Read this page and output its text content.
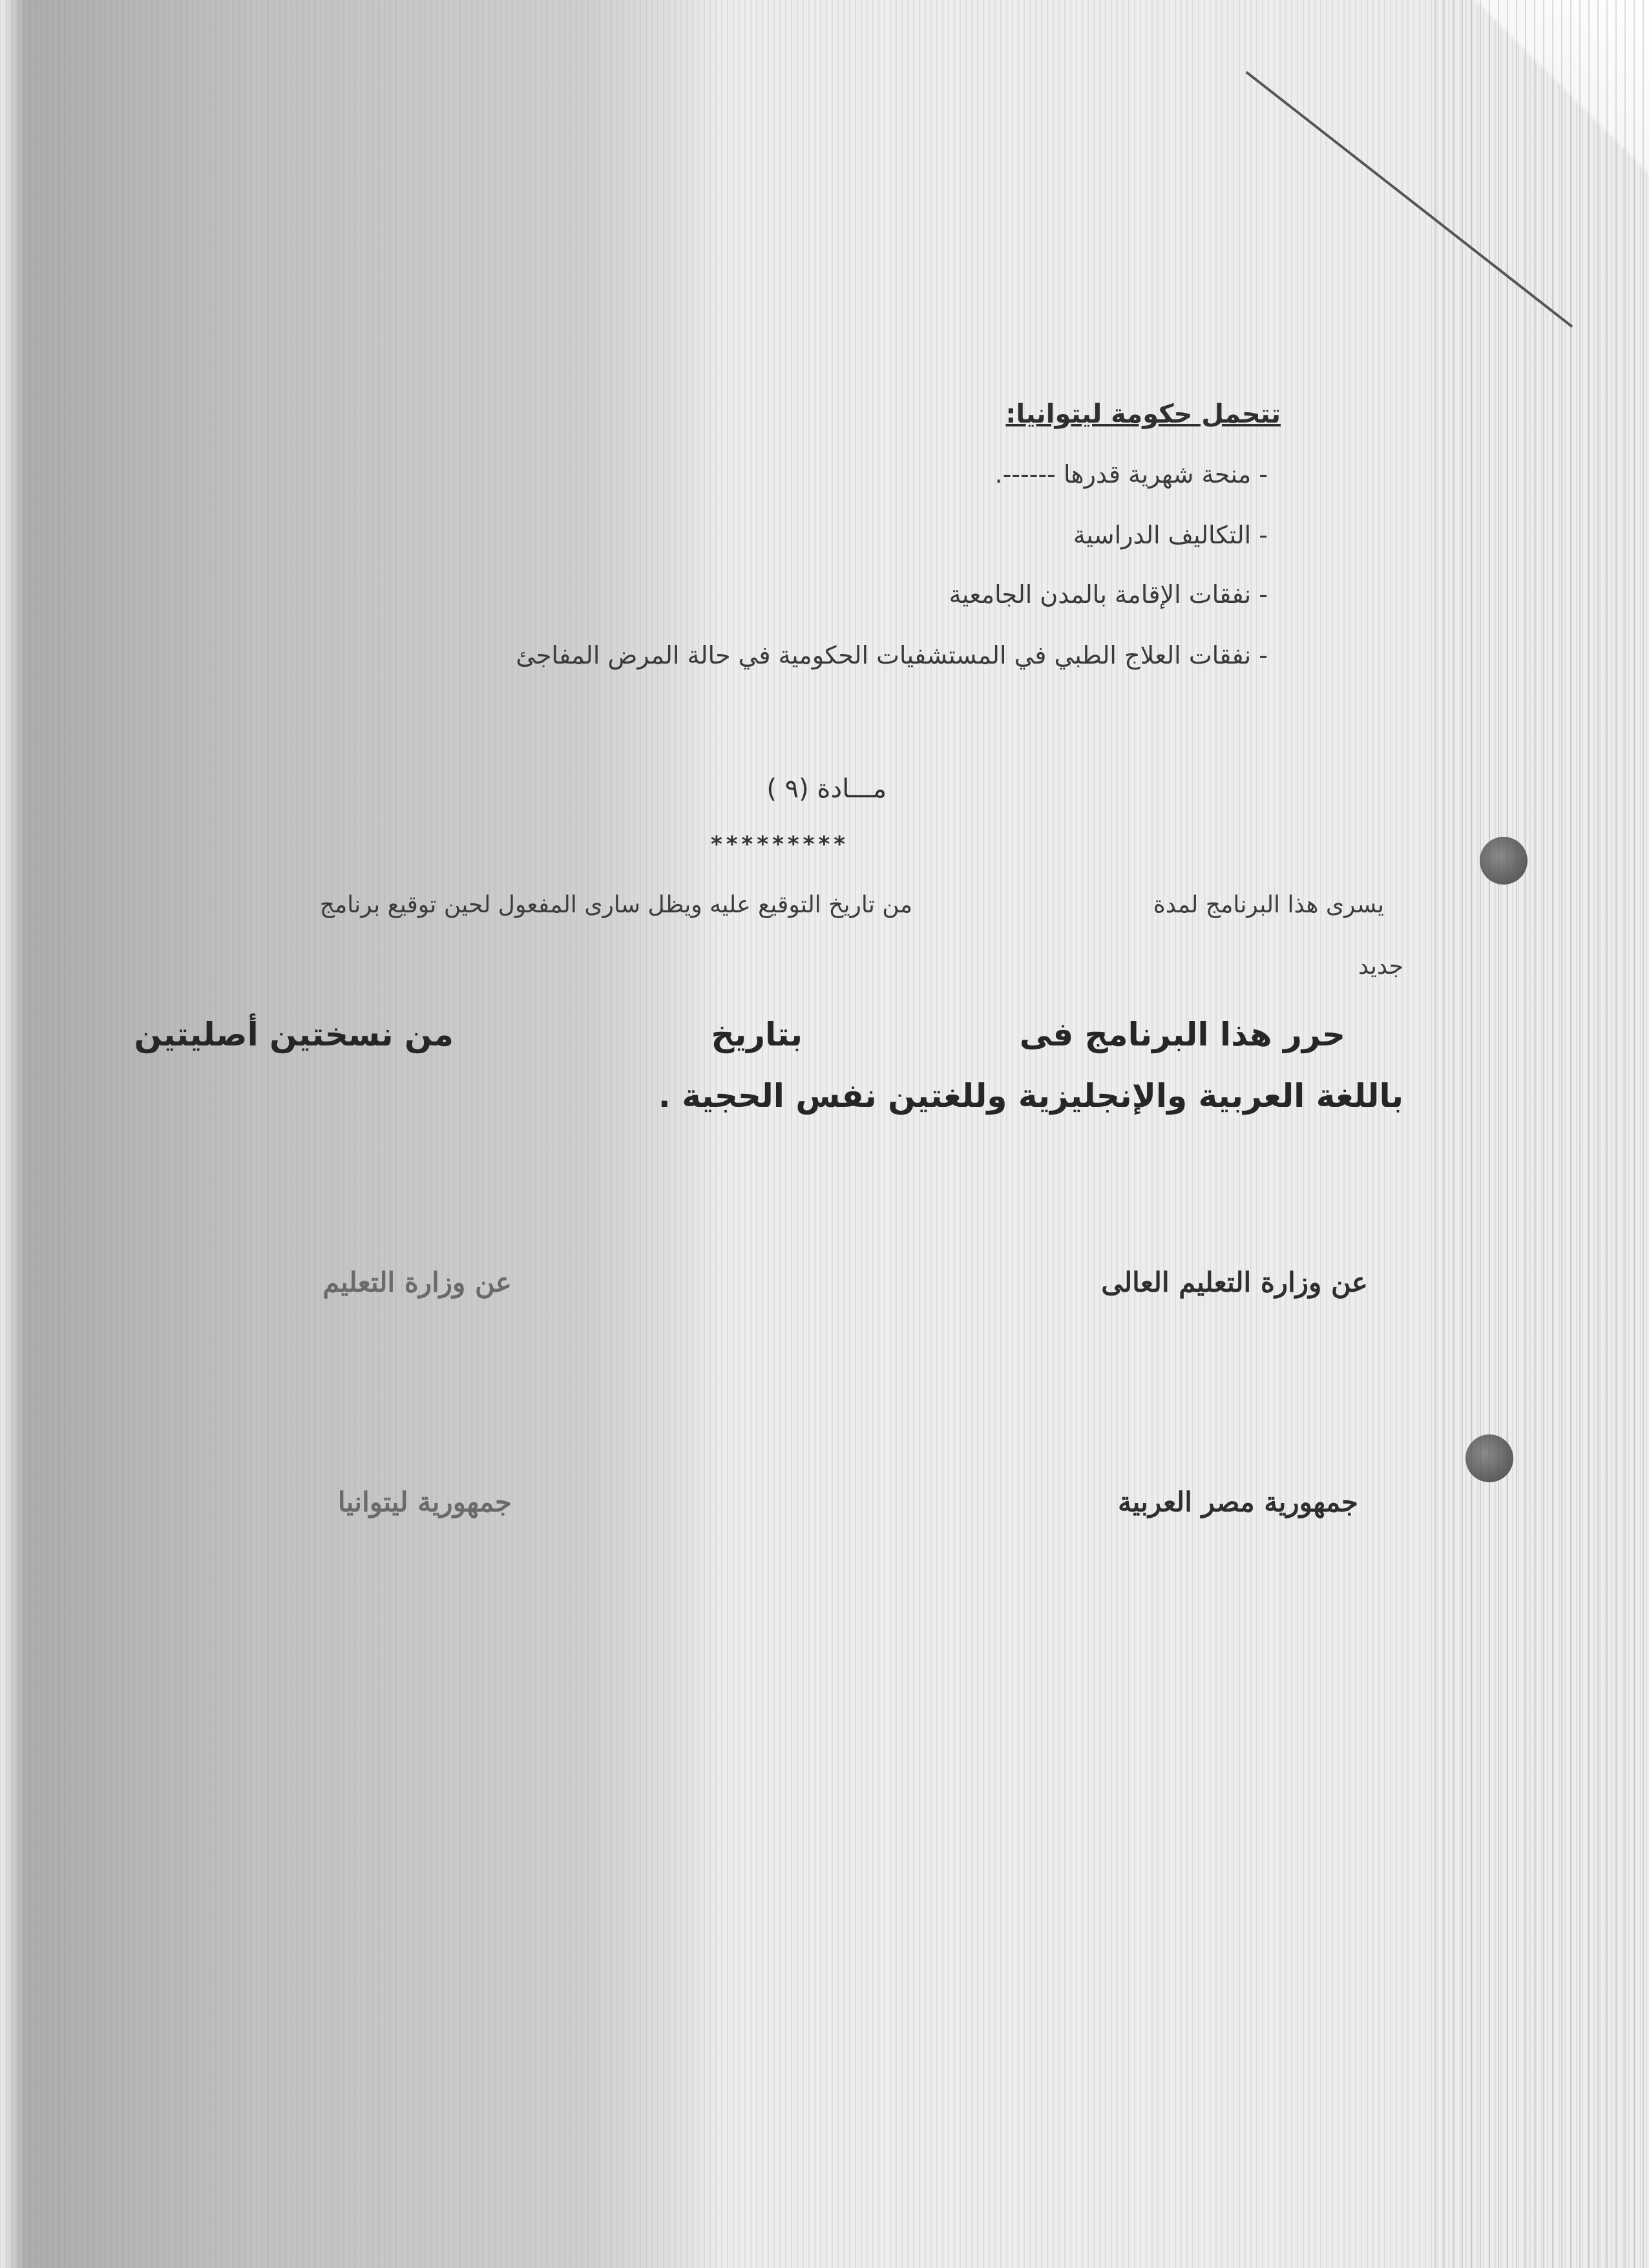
تتحمل حكومة ليتوانيا:
- منحة شهرية قدرها ------.
- التكاليف الدراسية
- نفقات الإقامة بالمدن الجامعية
- نفقات العلاج الطبي في المستشفيات الحكومية في حالة المرض المفاجئ
مـــادة (٩ )
*********
يسرى هذا البرنامج لمدة
من تاريخ التوقيع عليه ويظل سارى المفعول لحين توقيع برنامج
جديد
حرر هذا البرنامج فى
بتاريخ
من نسختين أصليتين
باللغة العربية والإنجليزية وللغتين نفس الحجية .
عن وزارة التعليم العالى
عن وزارة التعليم
جمهورية مصر العربية
جمهورية ليتوانيا
